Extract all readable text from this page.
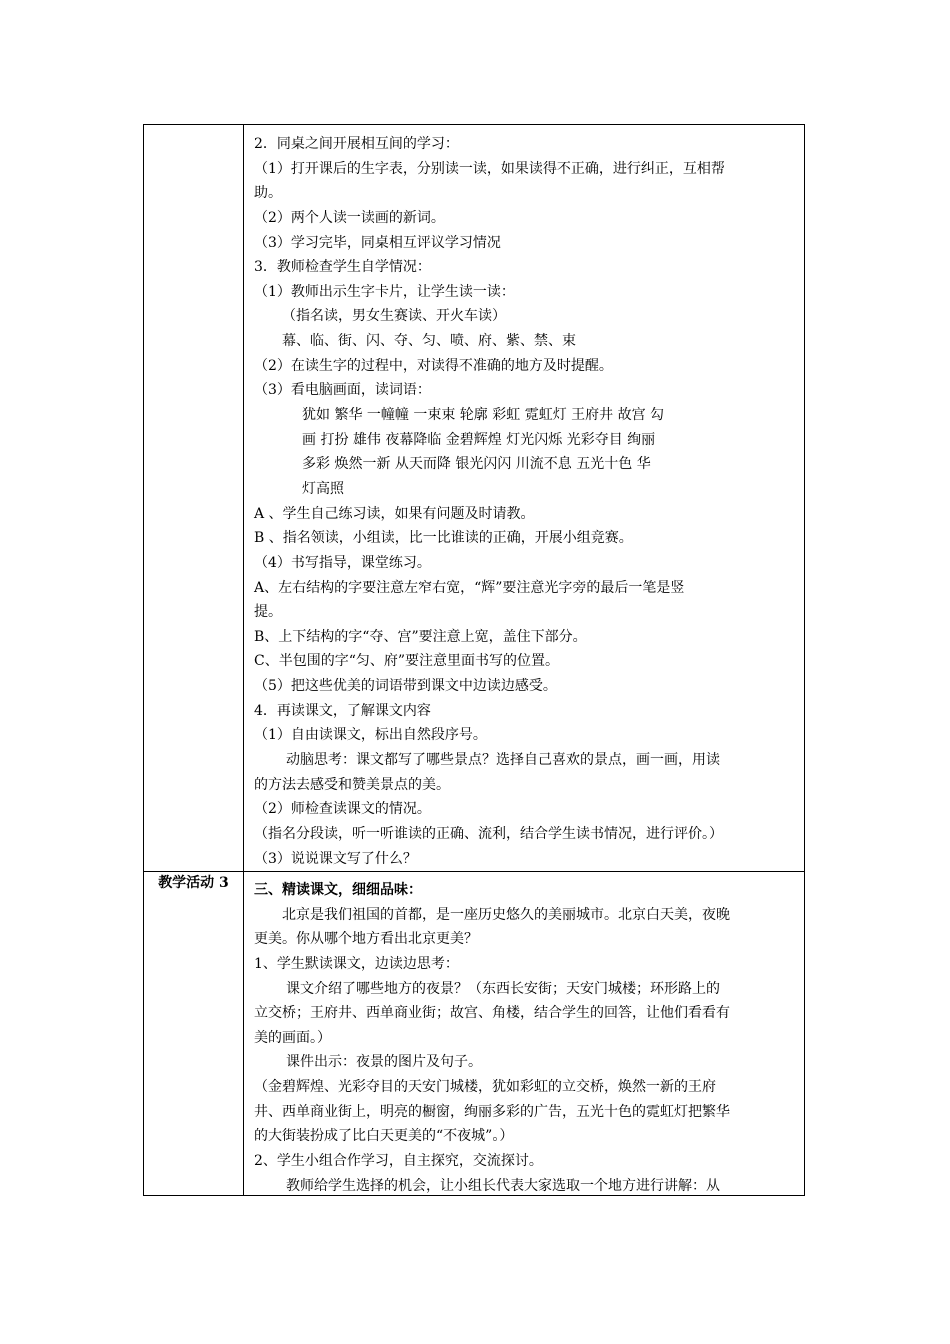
教学活动 3
2．同桌之间开展相互间的学习：
（1）打开课后的生字表，分别读一读，如果读得不正确，进行纠正，互相帮
助。
（2）两个人读一读画的新词。
（3）学习完毕，同桌相互评议学习情况
3．教师检查学生自学情况：
（1）教师出示生字卡片，让学生读一读：
（指名读，男女生赛读、开火车读）
幕、临、街、闪、夺、匀、喷、府、紫、禁、束
（2）在读生字的过程中，对读得不准确的地方及时提醒。
（3）看电脑画面，读词语：
犹如 繁华 一幢幢 一束束 轮廓 彩虹 霓虹灯 王府井 故宫 勾
画 打扮 雄伟 夜幕降临 金碧辉煌 灯光闪烁 光彩夺目 绚丽
多彩 焕然一新 从天而降 银光闪闪 川流不息 五光十色 华
灯高照
A 、学生自己练习读，如果有问题及时请教。
B 、指名领读，小组读，比一比谁读的正确，开展小组竞赛。
（4）书写指导，课堂练习。
A、左右结构的字要注意左窄右宽，“辉”要注意光字旁的最后一笔是竖
提。
B、上下结构的字“夺、宫”要注意上宽，盖住下部分。
C、半包围的字“匀、府”要注意里面书写的位置。
（5）把这些优美的词语带到课文中边读边感受。
4．再读课文，了解课文内容
（1）自由读课文，标出自然段序号。
动脑思考：课文都写了哪些景点？选择自己喜欢的景点，画一画，用读
的方法去感受和赞美景点的美。
（2）师检查读课文的情况。
（指名分段读，听一听谁读的正确、流利，结合学生读书情况，进行评价。）
（3）说说课文写了什么？
三、精读课文，细细品味：
北京是我们祖国的首都，是一座历史悠久的美丽城市。北京白天美，夜晚
更美。你从哪个地方看出北京更美？
1、学生默读课文，边读边思考：
课文介绍了哪些地方的夜景？（东西长安街；天安门城楼；环形路上的
立交桥；王府井、西单商业街；故宫、角楼，结合学生的回答，让他们看看有
美的画面。）
课件出示：夜景的图片及句子。
（金碧辉煌、光彩夺目的天安门城楼，犹如彩虹的立交桥，焕然一新的王府
井、西单商业街上，明亮的橱窗，绚丽多彩的广告，五光十色的霓虹灯把繁华
的大街装扮成了比白天更美的“不夜城”。）
2、学生小组合作学习，自主探究，交流探讨。
教师给学生选择的机会，让小组长代表大家选取一个地方进行讲解：从
